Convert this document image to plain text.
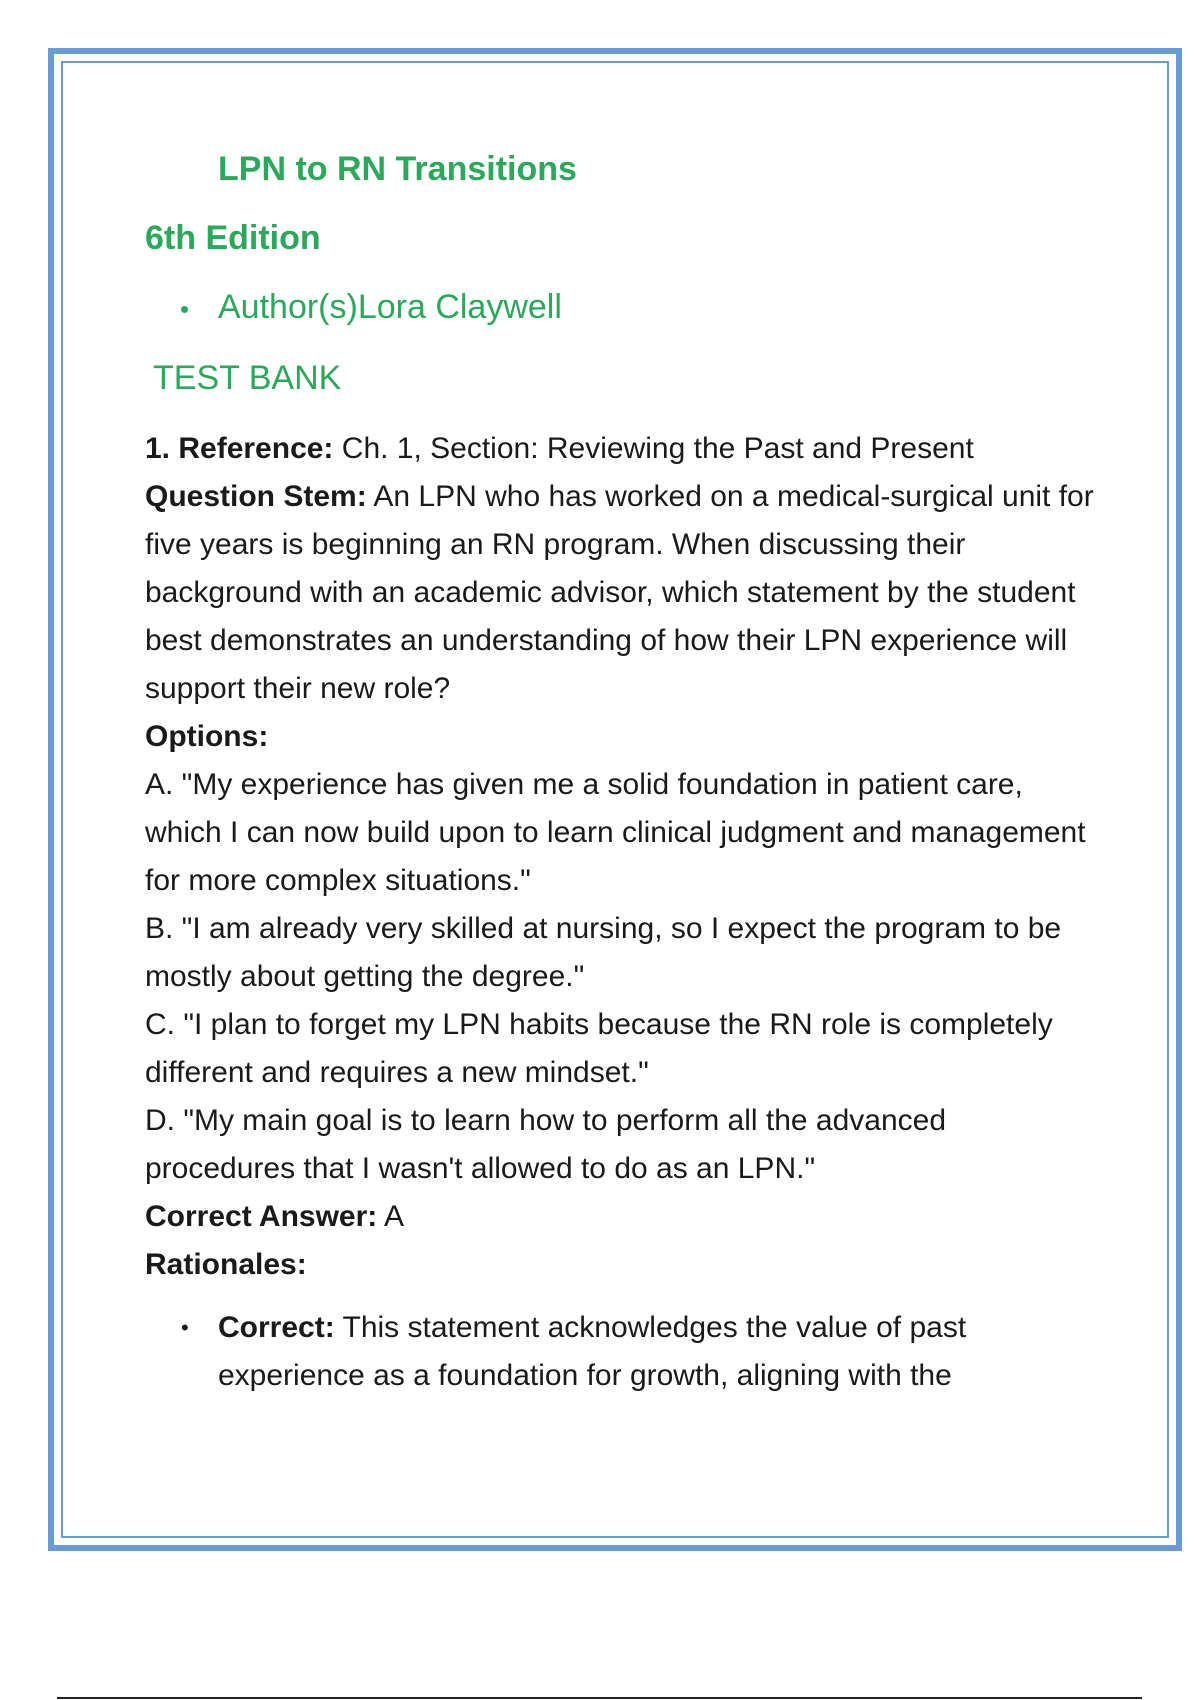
LPN to RN Transitions
6th Edition
• Author(s)Lora Claywell
TEST BANK

1. Reference: Ch. 1, Section: Reviewing the Past and Present

Question Stem: An LPN who has worked on a medical-surgical unit for five years is beginning an RN program. When discussing their background with an academic advisor, which statement by the student best demonstrates an understanding of how their LPN experience will support their new role?

Options:

A. "My experience has given me a solid foundation in patient care, which I can now build upon to learn clinical judgment and management for more complex situations."

B. "I am already very skilled at nursing, so I expect the program to be mostly about getting the degree."

C. "I plan to forget my LPN habits because the RN role is completely different and requires a new mindset."

D. "My main goal is to learn how to perform all the advanced procedures that I wasn't allowed to do as an LPN."

Correct Answer: A

Rationales:

• Correct: This statement acknowledges the value of past experience as a foundation for growth, aligning with the
